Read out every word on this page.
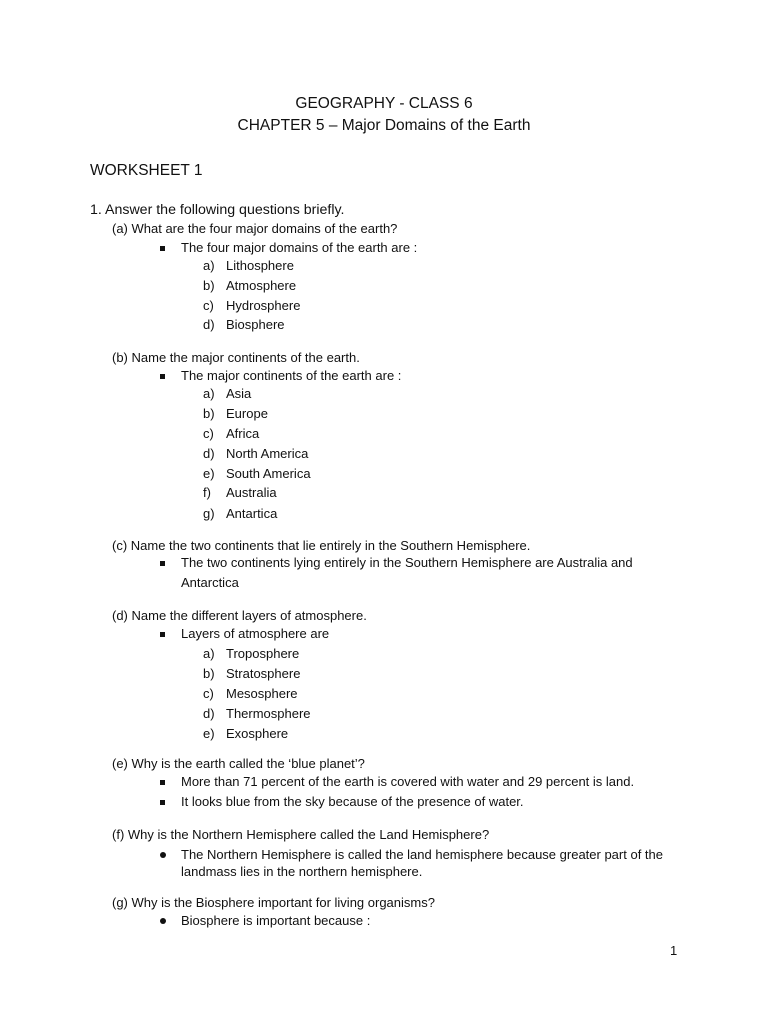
GEOGRAPHY - CLASS 6
CHAPTER 5 – Major Domains of the Earth
WORKSHEET 1
1. Answer the following questions briefly.
(a) What are the four major domains of the earth?
The four major domains of the earth are :
a) Lithosphere
b) Atmosphere
c) Hydrosphere
d) Biosphere
(b) Name the major continents of the earth.
The major continents of the earth are :
a) Asia
b) Europe
c) Africa
d) North America
e) South America
f) Australia
g) Antartica
(c) Name the two continents that lie entirely in the Southern Hemisphere.
The two continents lying entirely in the Southern Hemisphere are Australia and
Antarctica
(d) Name the different layers of atmosphere.
Layers of atmosphere are
a) Troposphere
b) Stratosphere
c) Mesosphere
d) Thermosphere
e) Exosphere
(e) Why is the earth called the ‘blue planet’?
More than 71 percent of the earth is covered with water and 29 percent is land.
It looks blue from the sky because of the presence of water.
(f) Why is the Northern Hemisphere called the Land Hemisphere?
The Northern Hemisphere is called the land hemisphere because greater part of the
landmass lies in the northern hemisphere.
(g) Why is the Biosphere important for living organisms?
Biosphere is important because :
1
